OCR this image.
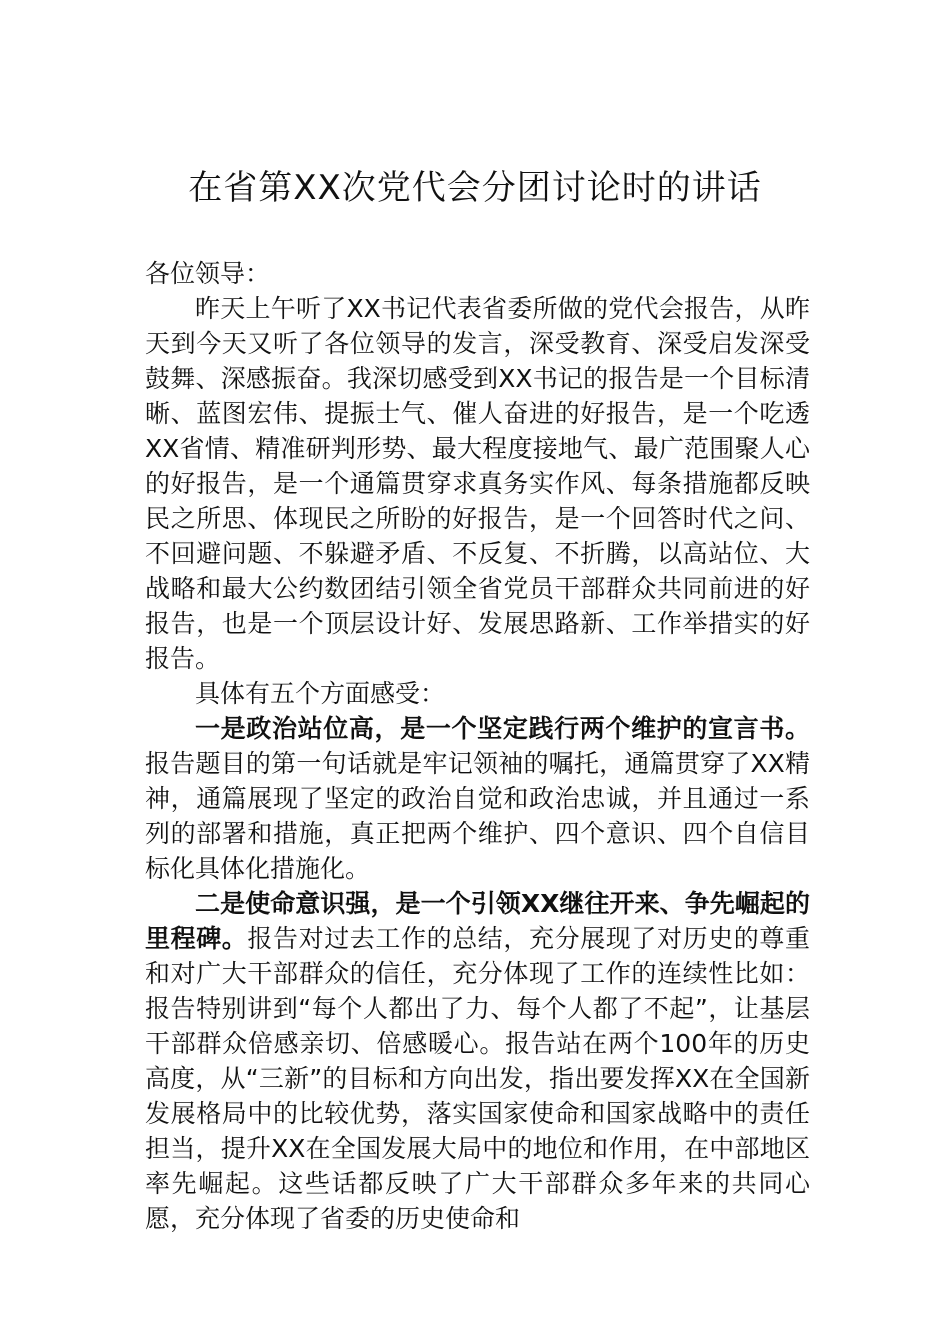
在省第XX次党代会分团讨论时的讲话

各位领导：

昨天上午听了XX书记代表省委所做的党代会报告，从昨天到今天又听了各位领导的发言，深受教育、深受启发深受鼓舞、深感振奋。我深切感受到XX书记的报告是一个目标清晰、蓝图宏伟、提振士气、催人奋进的好报告，是一个吃透XX省情、精准研判形势、最大程度接地气、最广范围聚人心的好报告，是一个通篇贯穿求真务实作风、每条措施都反映民之所思、体现民之所盼的好报告，是一个回答时代之问、不回避问题、不躲避矛盾、不反复、不折腾，以高站位、大战略和最大公约数团结引领全省党员干部群众共同前进的好报告，也是一个顶层设计好、发展思路新、工作举措实的好报告。

具体有五个方面感受：

一是政治站位高，是一个坚定践行两个维护的宣言书。报告题目的第一句话就是牢记领袖的嘱托，通篇贯穿了XX精神，通篇展现了坚定的政治自觉和政治忠诚，并且通过一系列的部署和措施，真正把两个维护、四个意识、四个自信目标化具体化措施化。

二是使命意识强，是一个引领XX继往开来、争先崛起的里程碑。报告对过去工作的总结，充分展现了对历史的尊重和对广大干部群众的信任，充分体现了工作的连续性比如：报告特别讲到“每个人都出了力、每个人都了不起”，让基层干部群众倍感亲切、倍感暖心。报告站在两个100年的历史高度，从“三新”的目标和方向出发，指出要发挥XX在全国新发展格局中的比较优势，落实国家使命和国家战略中的责任担当，提升XX在全国发展大局中的地位和作用，在中部地区率先崛起。这些话都反映了广大干部群众多年来的共同心愿，充分体现了省委的历史使命和
